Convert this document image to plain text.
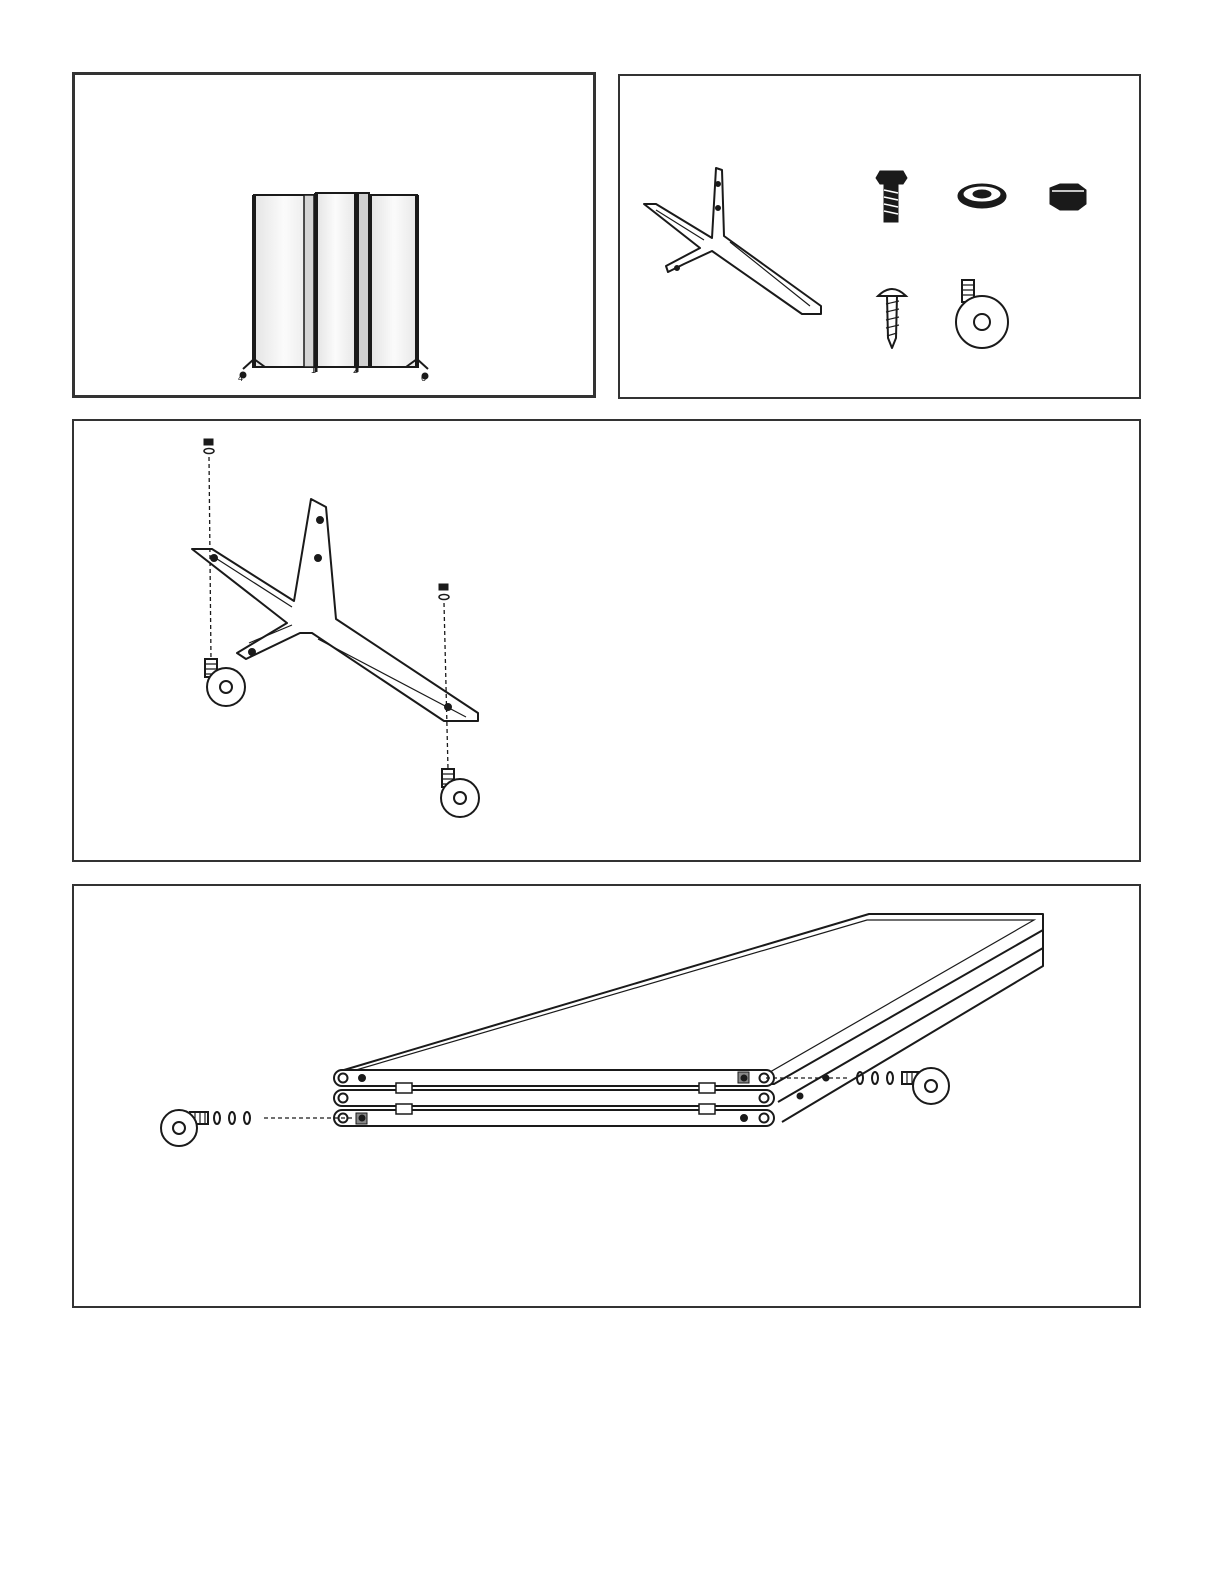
4
1	2
6
